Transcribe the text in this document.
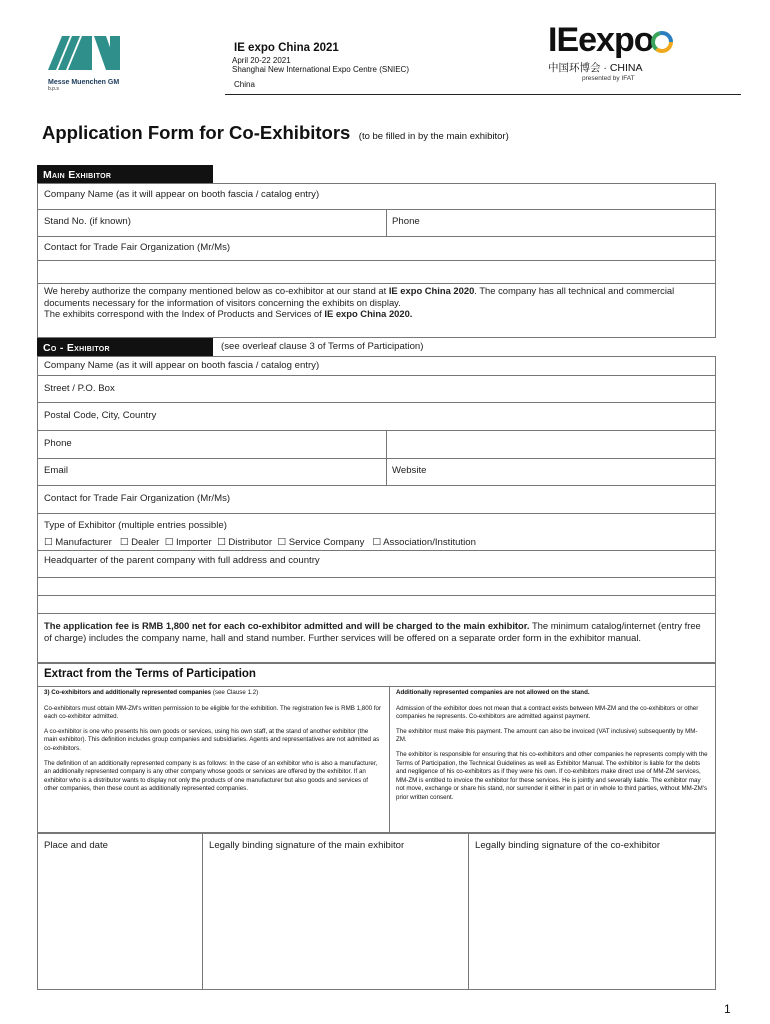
Messe Muenchen GM
b.p.s
IE expo China 2021
April 20-22 2021
Shanghai New International Expo Centre (SNIEC)
China
IEexpo
中国环博会 · CHINA
presented by IFAT
Application Form for Co-Exhibitors (to be filled in by the main exhibitor)
Main Exhibitor
Company Name (as it will appear on booth fascia / catalog entry)
Stand No. (if known)	Phone
Contact for Trade Fair Organization (Mr/Ms)
We hereby authorize the company mentioned below as co-exhibitor at our stand at IE expo China 2020. The company has all technical and commercial documents necessary for the information of visitors concerning the exhibits on display.
The exhibits correspond with the Index of Products and Services of IE expo China 2020.
Co - Exhibitor	(see overleaf clause 3 of Terms of Participation)
Company Name (as it will appear on booth fascia / catalog entry)
Street / P.O. Box
Postal Code, City, Country
Phone
Email	Website
Contact for Trade Fair Organization (Mr/Ms)
Type of Exhibitor (multiple entries possible)
☐ Manufacturer ☐ Dealer ☐ Importer ☐ Distributor ☐ Service Company ☐ Association/Institution
Headquarter of the parent company with full address and country
The application fee is RMB 1,800 net for each co-exhibitor admitted and will be charged to the main exhibitor. The minimum catalog/internet (entry free of charge) includes the company name, hall and stand number. Further services will be offered on a separate order form in the exhibitor manual.
Extract from the Terms of Participation
3) Co-exhibitors and additionally represented companies (see Clause 1.2)
Co-exhibitors must obtain MM-ZM's written permission to be eligible for the exhibition. The registration fee is RMB 1,800 for each co-exhibitor admitted.
A co-exhibitor is one who presents his own goods or services, using his own staff, at the stand of another exhibitor (the main exhibitor). This definition includes group companies and subsidiaries. Agents and representatives are not admitted as co-exhibitors.
The definition of an additionally represented company is as follows: In the case of an exhibitor who is also a manufacturer, an additionally represented company is any other company whose goods or services are offered by the exhibitor. If an exhibitor who is a distributor wants to display not only the products of one manufacturer but also goods and services of other companies, then these count as additionally represented companies.
Additionally represented companies are not allowed on the stand.
Admission of the exhibitor does not mean that a contract exists between MM-ZM and the co-exhibitors or other companies he represents. Co-exhibitors are admitted against payment.
The exhibitor must make this payment. The amount can also be invoiced (VAT inclusive) subsequently by MM-ZM.
The exhibitor is responsible for ensuring that his co-exhibitors and other companies he represents comply with the Terms of Participation, the Technical Guidelines as well as Exhibitor Manual. The exhibitor is liable for the debts and negligence of his co-exhibitors as if they were his own. If co-exhibitors make direct use of MM-ZM services, MM-ZM is entitled to invoice the exhibitor for these services. He is jointly and severally liable. The exhibitor may not move, exchange or share his stand, nor surrender it either in part or in whole to third parties, without MM-ZM's prior written consent.
Place and date	Legally binding signature of the main exhibitor	Legally binding signature of the co-exhibitor
1
